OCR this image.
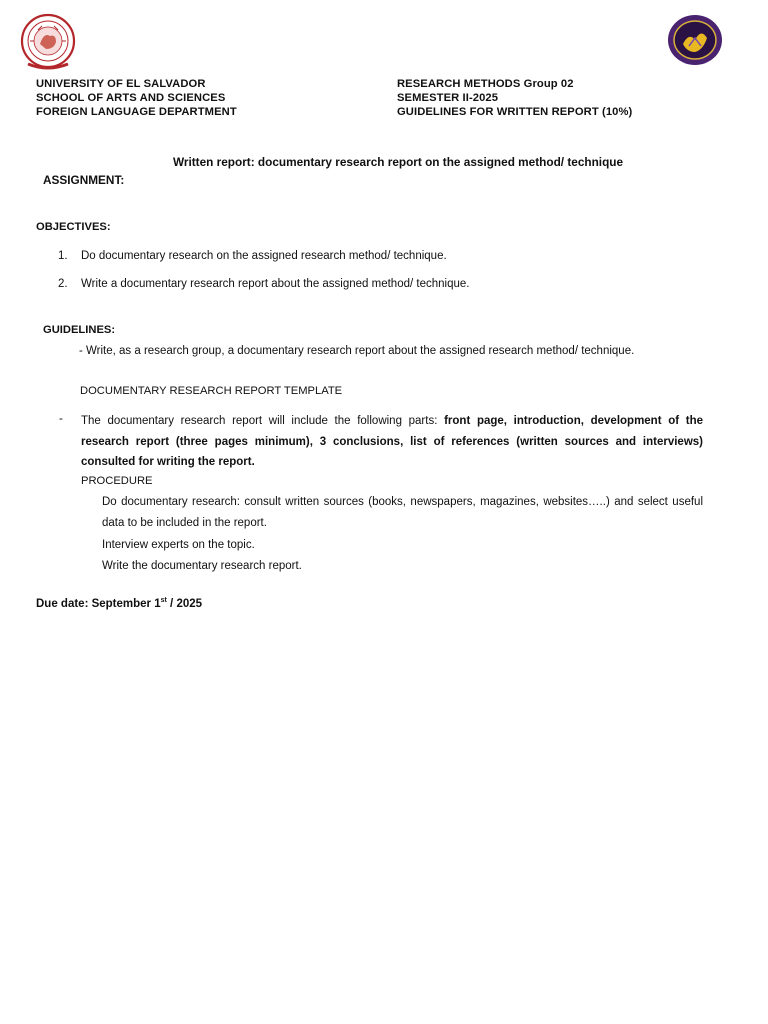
UNIVERSITY OF EL SALVADOR
SCHOOL OF ARTS AND SCIENCES
FOREIGN LANGUAGE DEPARTMENT
RESEARCH METHODS Group 02
SEMESTER II-2025
GUIDELINES FOR WRITTEN REPORT (10%)
Written report: documentary research report on the assigned method/ technique
ASSIGNMENT:
OBJECTIVES:
1. Do documentary research on the assigned research method/ technique.
2. Write a documentary research report about the assigned method/ technique.
GUIDELINES:
- Write, as a research group, a documentary research report about the assigned research method/ technique.
DOCUMENTARY RESEARCH REPORT TEMPLATE
- The documentary research report will include the following parts: front page, introduction, development of the research report (three pages minimum), 3 conclusions, list of references (written sources and interviews) consulted for writing the report.
PROCEDURE
Do documentary research: consult written sources (books, newspapers, magazines, websites…..) and select useful data to be included in the report.
Interview experts on the topic.
Write the documentary research report.
Due date: September 1st / 2025
